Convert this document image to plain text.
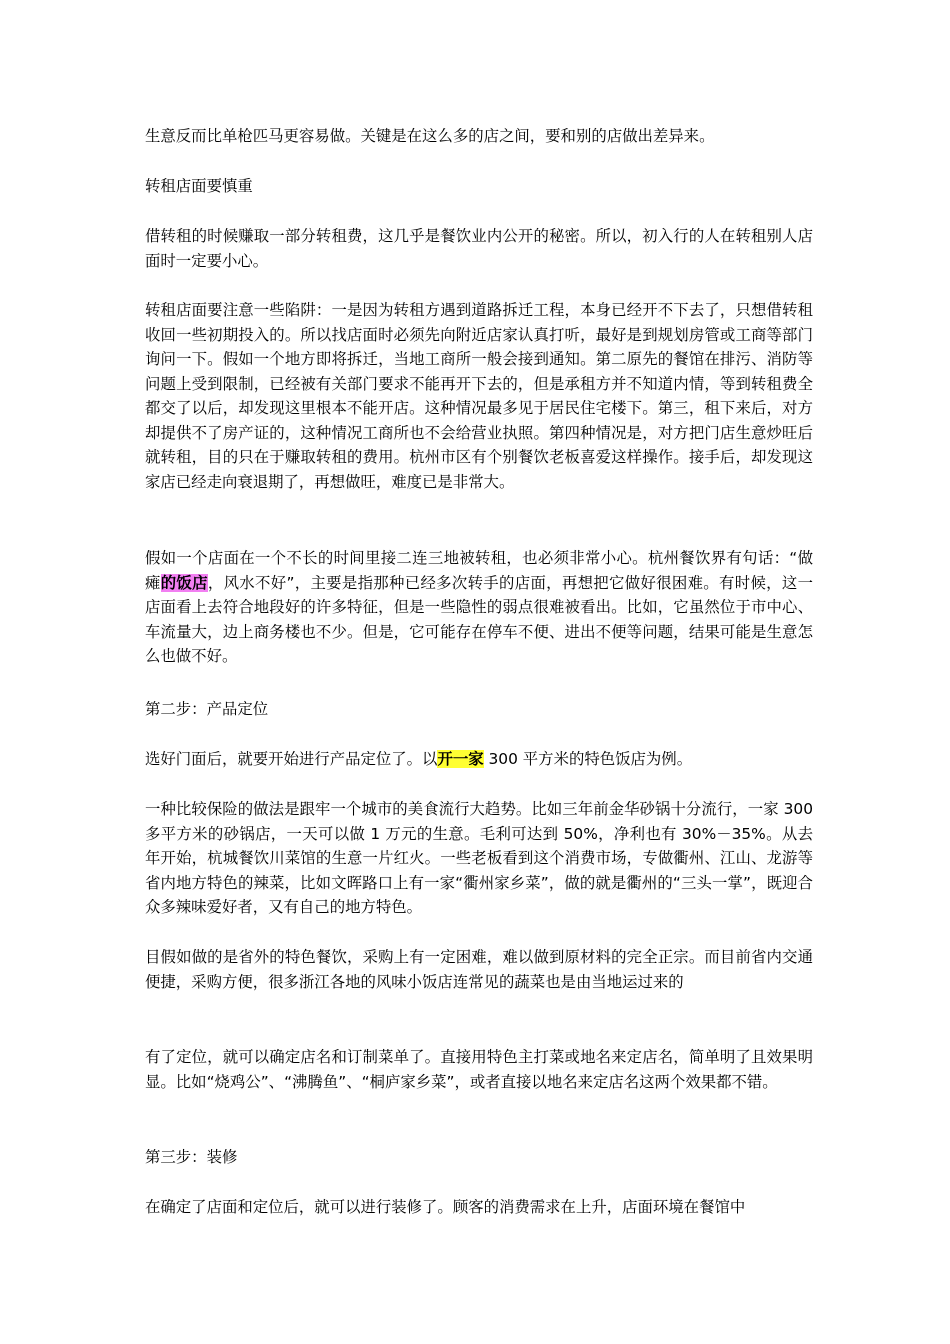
生意反而比单枪匹马更容易做。关键是在这么多的店之间，要和别的店做出差异来。

转租店面要慎重

借转租的时候赚取一部分转租费，这几乎是餐饮业内公开的秘密。所以，初入行的人在转租别人店面时一定要小心。

转租店面要注意一些陷阱：一是因为转租方遇到道路拆迁工程，本身已经开不下去了，只想借转租收回一些初期投入的。所以找店面时必须先向附近店家认真打听，最好是到规划房管或工商等部门询问一下。假如一个地方即将拆迁，当地工商所一般会接到通知。第二原先的餐馆在排污、消防等问题上受到限制，已经被有关部门要求不能再开下去的，但是承租方并不知道内情，等到转租费全都交了以后，却发现这里根本不能开店。这种情况最多见于居民住宅楼下。第三，租下来后，对方却提供不了房产证的，这种情况工商所也不会给营业执照。第四种情况是，对方把门店生意炒旺后就转租，目的只在于赚取转租的费用。杭州市区有个别餐饮老板喜爱这样操作。接手后，却发现这家店已经走向衰退期了，再想做旺，难度已是非常大。

假如一个店面在一个不长的时间里接二连三地被转租，也必须非常小心。杭州餐饮界有句话：“做瘫的饭店，风水不好”，主要是指那种已经多次转手的店面，再想把它做好很困难。有时候，这一店面看上去符合地段好的许多特征，但是一些隐性的弱点很难被看出。比如，它虽然位于市中心、车流量大，边上商务楼也不少。但是，它可能存在停车不便、进出不便等问题，结果可能是生意怎么也做不好。

第二步：产品定位

选好门面后，就要开始进行产品定位了。以开一家 300 平方米的特色饭店为例。

一种比较保险的做法是跟牢一个城市的美食流行大趋势。比如三年前金华砂锅十分流行，一家 300 多平方米的砂锅店，一天可以做 1 万元的生意。毛利可达到 50%，净利也有 30%－35%。从去年开始，杭城餐饮川菜馆的生意一片红火。一些老板看到这个消费市场，专做衢州、江山、龙游等省内地方特色的辣菜，比如文晖路口上有一家“衢州家乡菜”，做的就是衢州的“三头一掌”，既迎合众多辣味爱好者，又有自己的地方特色。

目假如做的是省外的特色餐饮，采购上有一定困难，难以做到原材料的完全正宗。而目前省内交通便捷，采购方便，很多浙江各地的风味小饭店连常见的蔬菜也是由当地运过来的

有了定位，就可以确定店名和订制菜单了。直接用特色主打菜或地名来定店名，简单明了且效果明显。比如“烧鸡公”、“沸腾鱼”、“桐庐家乡菜”，或者直接以地名来定店名这两个效果都不错。

第三步：装修

在确定了店面和定位后，就可以进行装修了。顾客的消费需求在上升，店面环境在餐馆中
